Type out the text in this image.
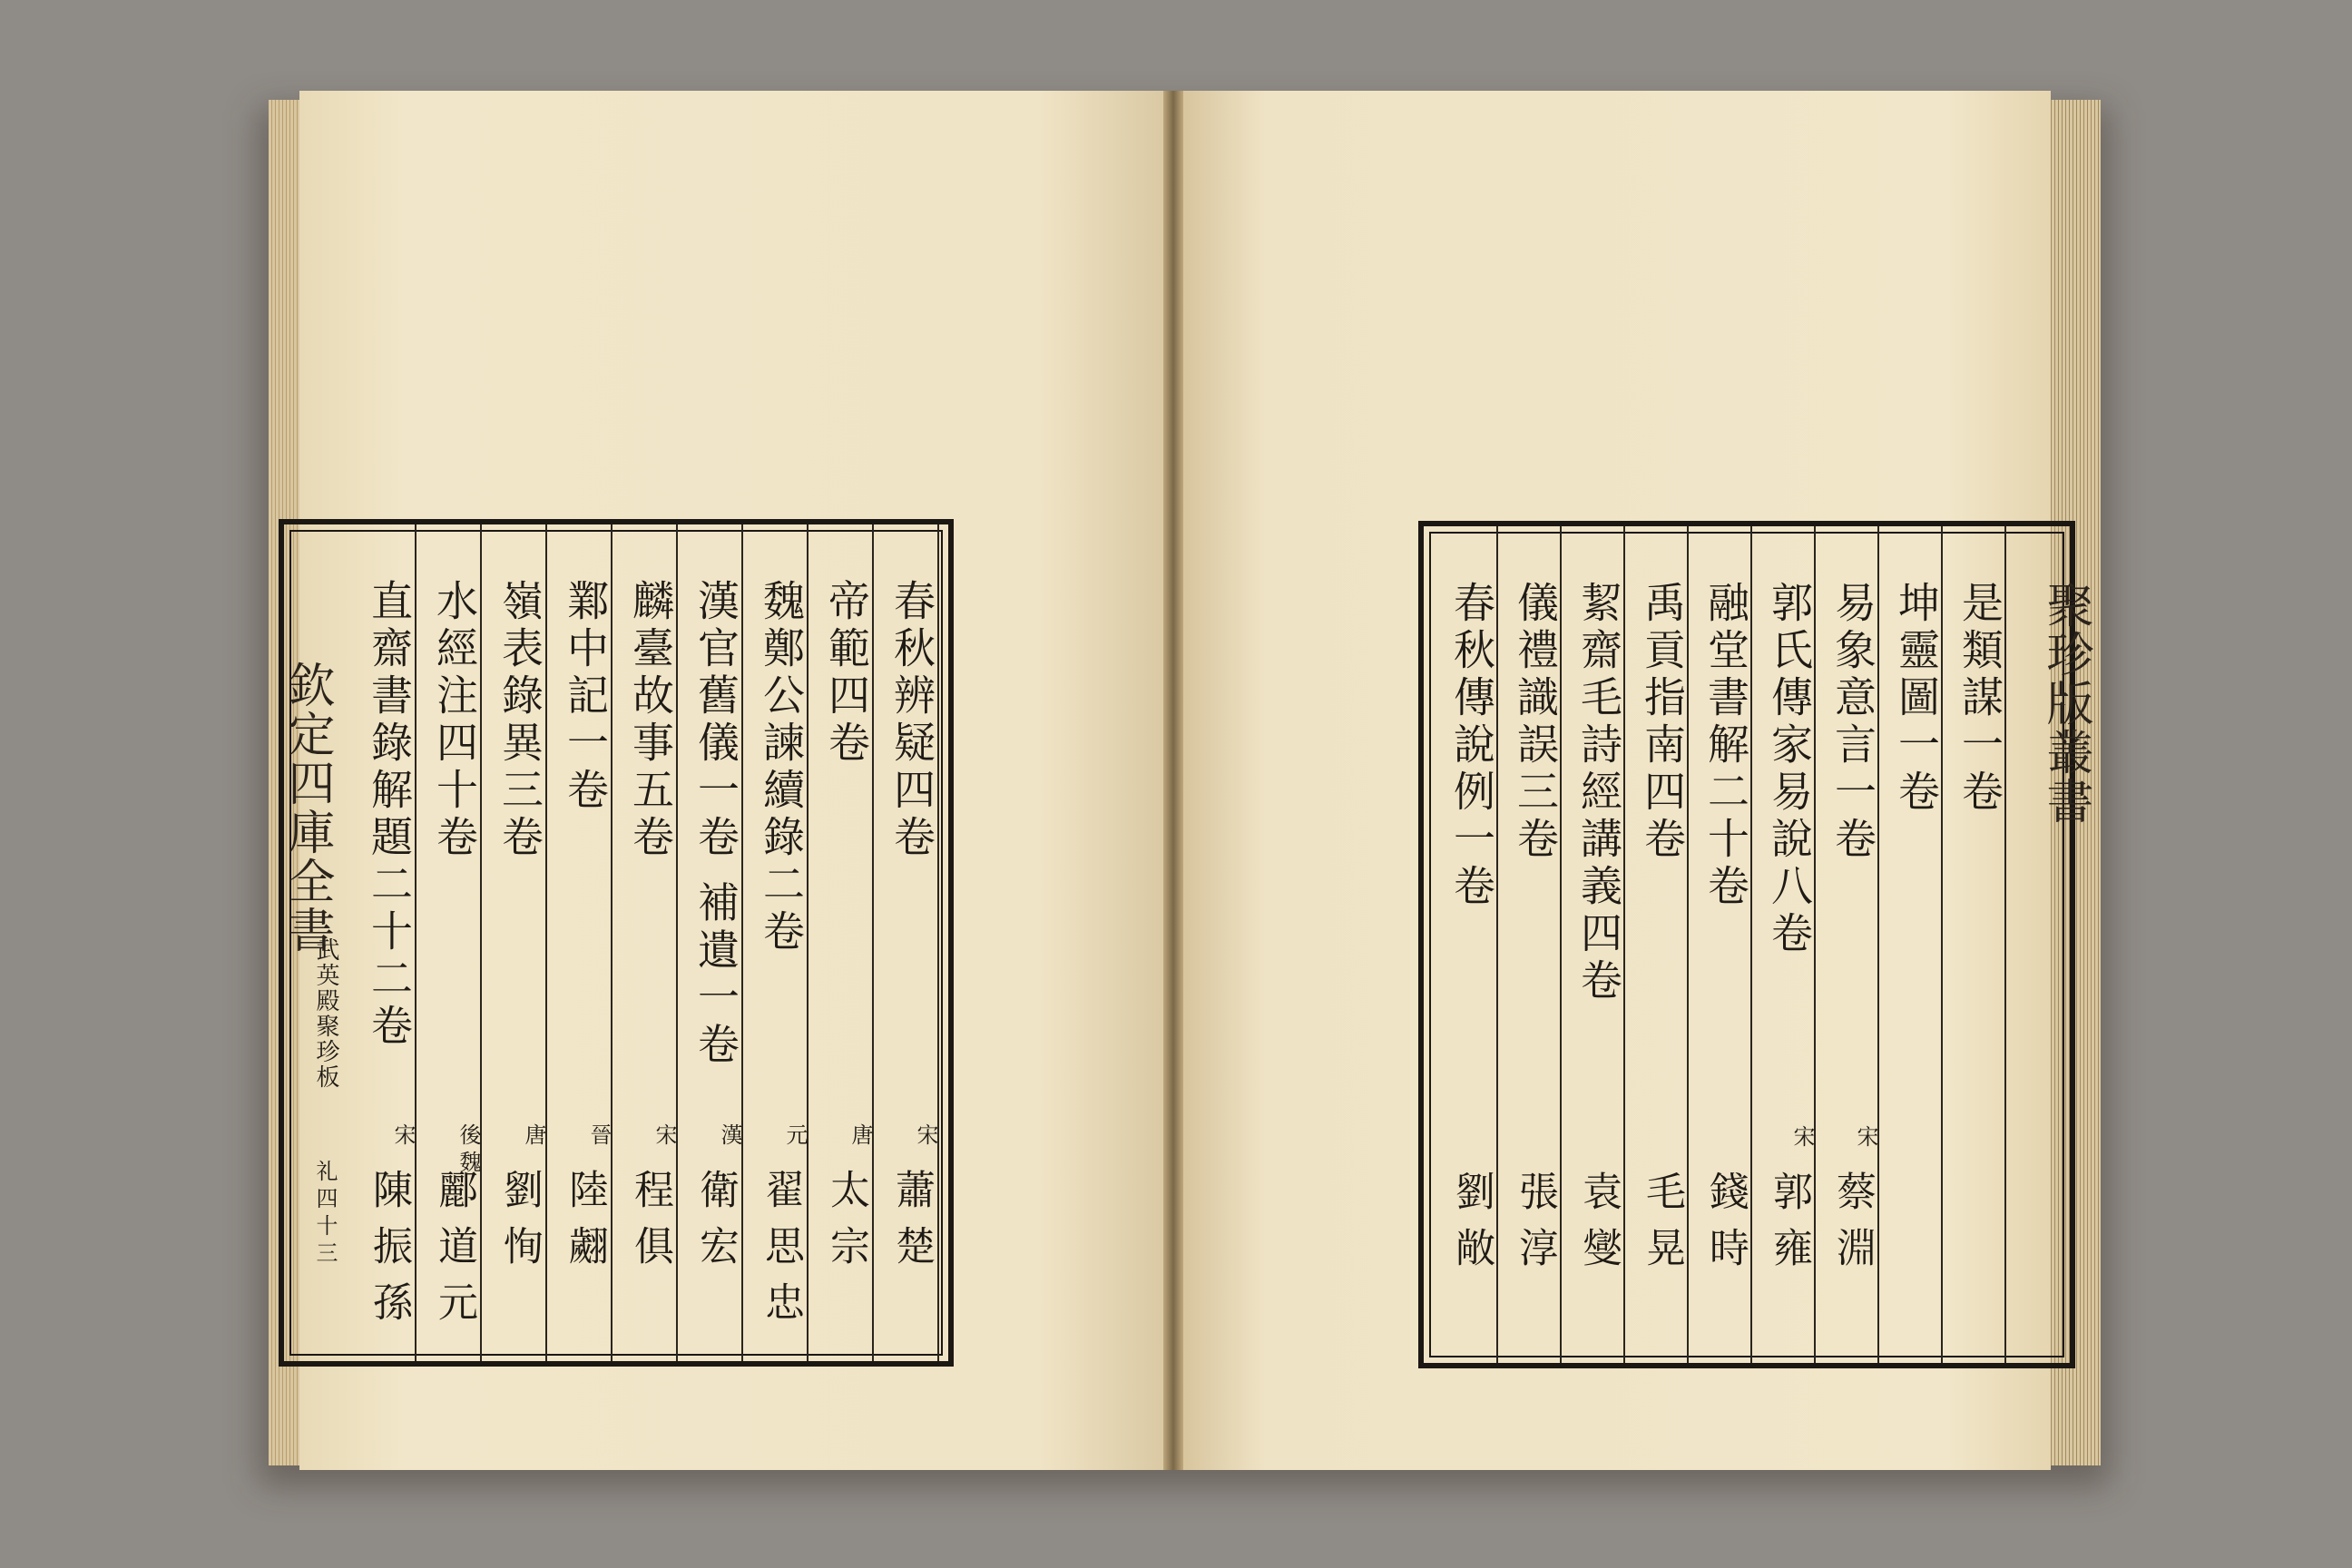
春秋辨疑四卷
宋
蕭楚
帝範四卷
唐
太宗
魏鄭公諫續錄二卷
元
翟思忠
漢官舊儀一卷 補遺一卷
漢
衛宏
麟臺故事五卷
宋
程俱
鄴中記一卷
晉
陸翽
嶺表錄異三卷
唐
劉恂
水經注四十卷
後魏
酈道元
直齋書錄解題二十二卷
宋
陳振孫
欽定四庫全書
武英殿聚珍板
礼四十三
是類謀一卷
坤靈圖一卷
易象意言一卷
宋
蔡淵
郭氏傳家易說八卷
宋
郭雍
融堂書解二十卷
錢時
禹貢指南四卷
毛晃
絜齋毛詩經講義四卷
袁燮
儀禮識誤三卷
張淳
春秋傳說例一卷
劉敞
聚珍版叢書
